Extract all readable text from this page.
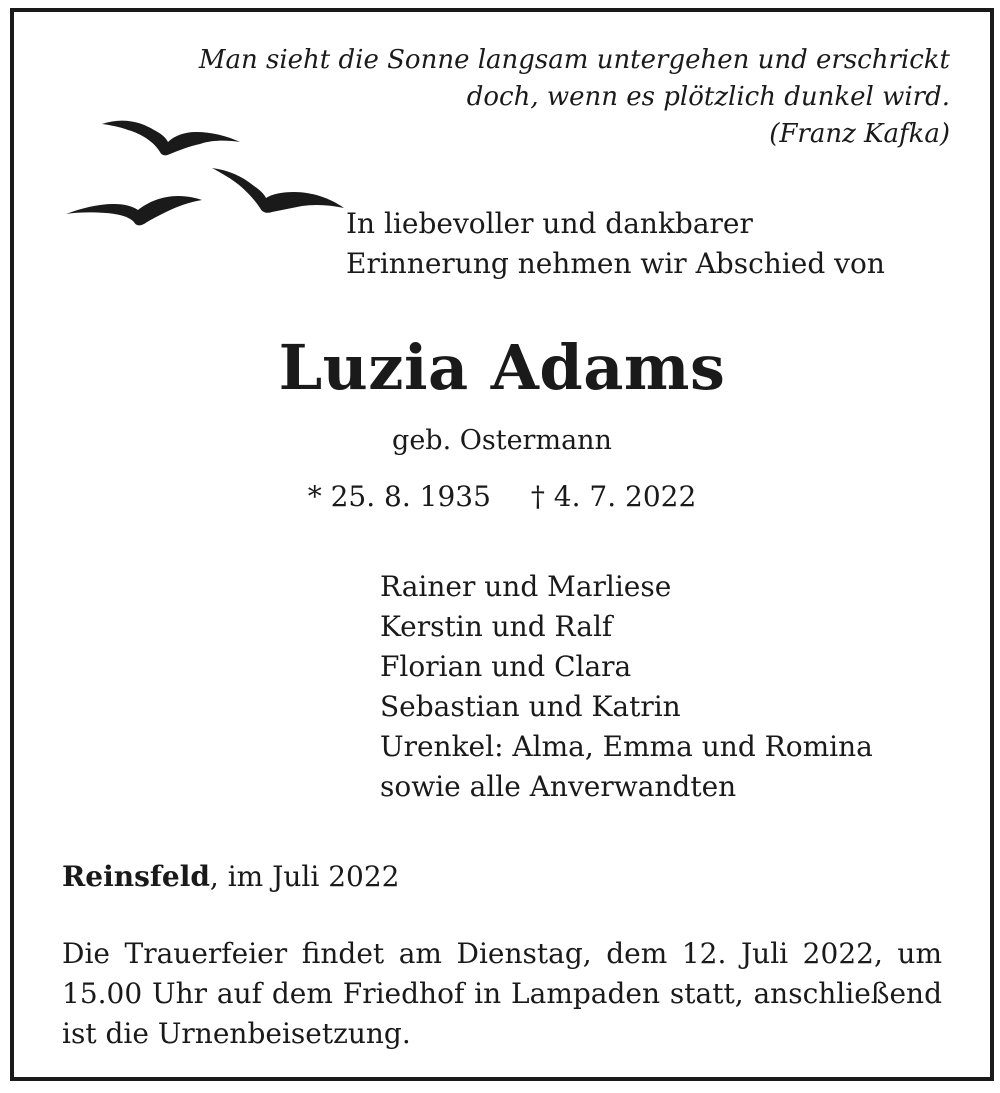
Man sieht die Sonne langsam untergehen und erschrickt
doch, wenn es plötzlich dunkel wird.
(Franz Kafka)
In liebevoller und dankbarer
Erinnerung nehmen wir Abschied von
Luzia Adams
geb. Ostermann
* 25. 8. 1935 † 4. 7. 2022
Rainer und Marliese
Kerstin und Ralf
Florian und Clara
Sebastian und Katrin
Urenkel: Alma, Emma und Romina
sowie alle Anverwandten
Reinsfeld, im Juli 2022
Die Trauerfeier findet am Dienstag, dem 12. Juli 2022, um 15.00 Uhr auf dem Friedhof in Lampaden statt, anschließend ist die Urnenbeisetzung.
